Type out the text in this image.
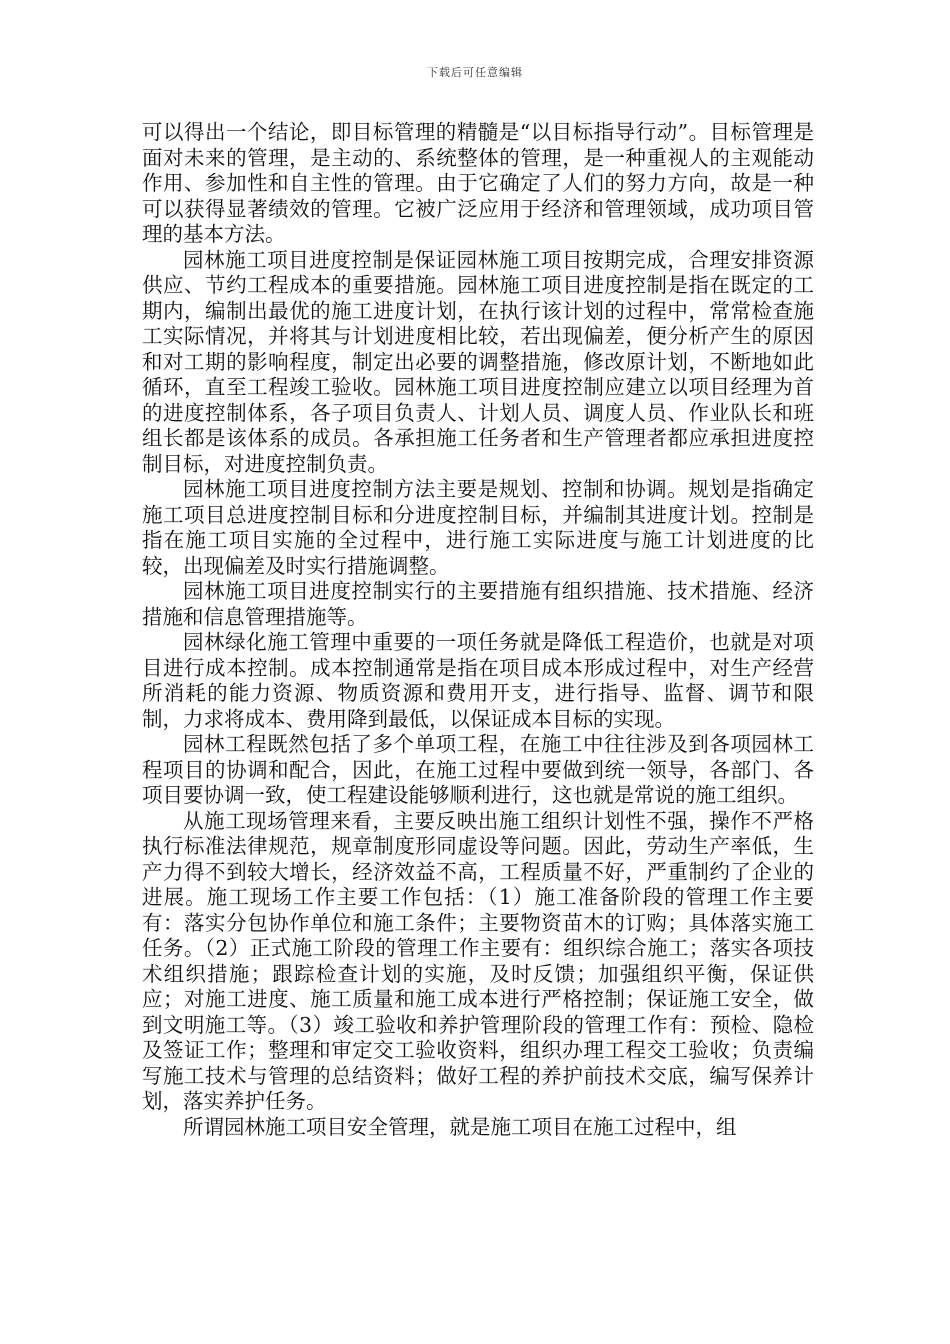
下载后可任意编辑

可以得出一个结论，即目标管理的精髓是“以目标指导行动”。目标管理是面对未来的管理，是主动的、系统整体的管理，是一种重视人的主观能动作用、参加性和自主性的管理。由于它确定了人们的努力方向，故是一种可以获得显著绩效的管理。它被广泛应用于经济和管理领域，成功项目管理的基本方法。

园林施工项目进度控制是保证园林施工项目按期完成，合理安排资源供应、节约工程成本的重要措施。园林施工项目进度控制是指在既定的工期内，编制出最优的施工进度计划，在执行该计划的过程中，常常检查施工实际情况，并将其与计划进度相比较，若出现偏差，便分析产生的原因和对工期的影响程度，制定出必要的调整措施，修改原计划，不断地如此循环，直至工程竣工验收。园林施工项目进度控制应建立以项目经理为首的进度控制体系，各子项目负责人、计划人员、调度人员、作业队长和班组长都是该体系的成员。各承担施工任务者和生产管理者都应承担进度控制目标，对进度控制负责。

园林施工项目进度控制方法主要是规划、控制和协调。规划是指确定施工项目总进度控制目标和分进度控制目标，并编制其进度计划。控制是指在施工项目实施的全过程中，进行施工实际进度与施工计划进度的比较，出现偏差及时实行措施调整。

园林施工项目进度控制实行的主要措施有组织措施、技术措施、经济措施和信息管理措施等。

园林绿化施工管理中重要的一项任务就是降低工程造价，也就是对项目进行成本控制。成本控制通常是指在项目成本形成过程中，对生产经营所消耗的能力资源、物质资源和费用开支，进行指导、监督、调节和限制，力求将成本、费用降到最低，以保证成本目标的实现。

园林工程既然包括了多个单项工程，在施工中往往涉及到各项园林工程项目的协调和配合，因此，在施工过程中要做到统一领导，各部门、各项目要协调一致，使工程建设能够顺利进行，这也就是常说的施工组织。

从施工现场管理来看，主要反映出施工组织计划性不强，操作不严格执行标准法律规范，规章制度形同虚设等问题。因此，劳动生产率低，生产力得不到较大增长，经济效益不高，工程质量不好，严重制约了企业的进展。施工现场工作主要工作包括：（1）施工准备阶段的管理工作主要有：落实分包协作单位和施工条件；主要物资苗木的订购；具体落实施工任务。（2）正式施工阶段的管理工作主要有：组织综合施工；落实各项技术组织措施；跟踪检查计划的实施，及时反馈；加强组织平衡，保证供应；对施工进度、施工质量和施工成本进行严格控制；保证施工安全，做到文明施工等。（3）竣工验收和养护管理阶段的管理工作有：预检、隐检及签证工作；整理和审定交工验收资料，组织办理工程交工验收；负责编写施工技术与管理的总结资料；做好工程的养护前技术交底，编写保养计划，落实养护任务。

所谓园林施工项目安全管理，就是施工项目在施工过程中，组
